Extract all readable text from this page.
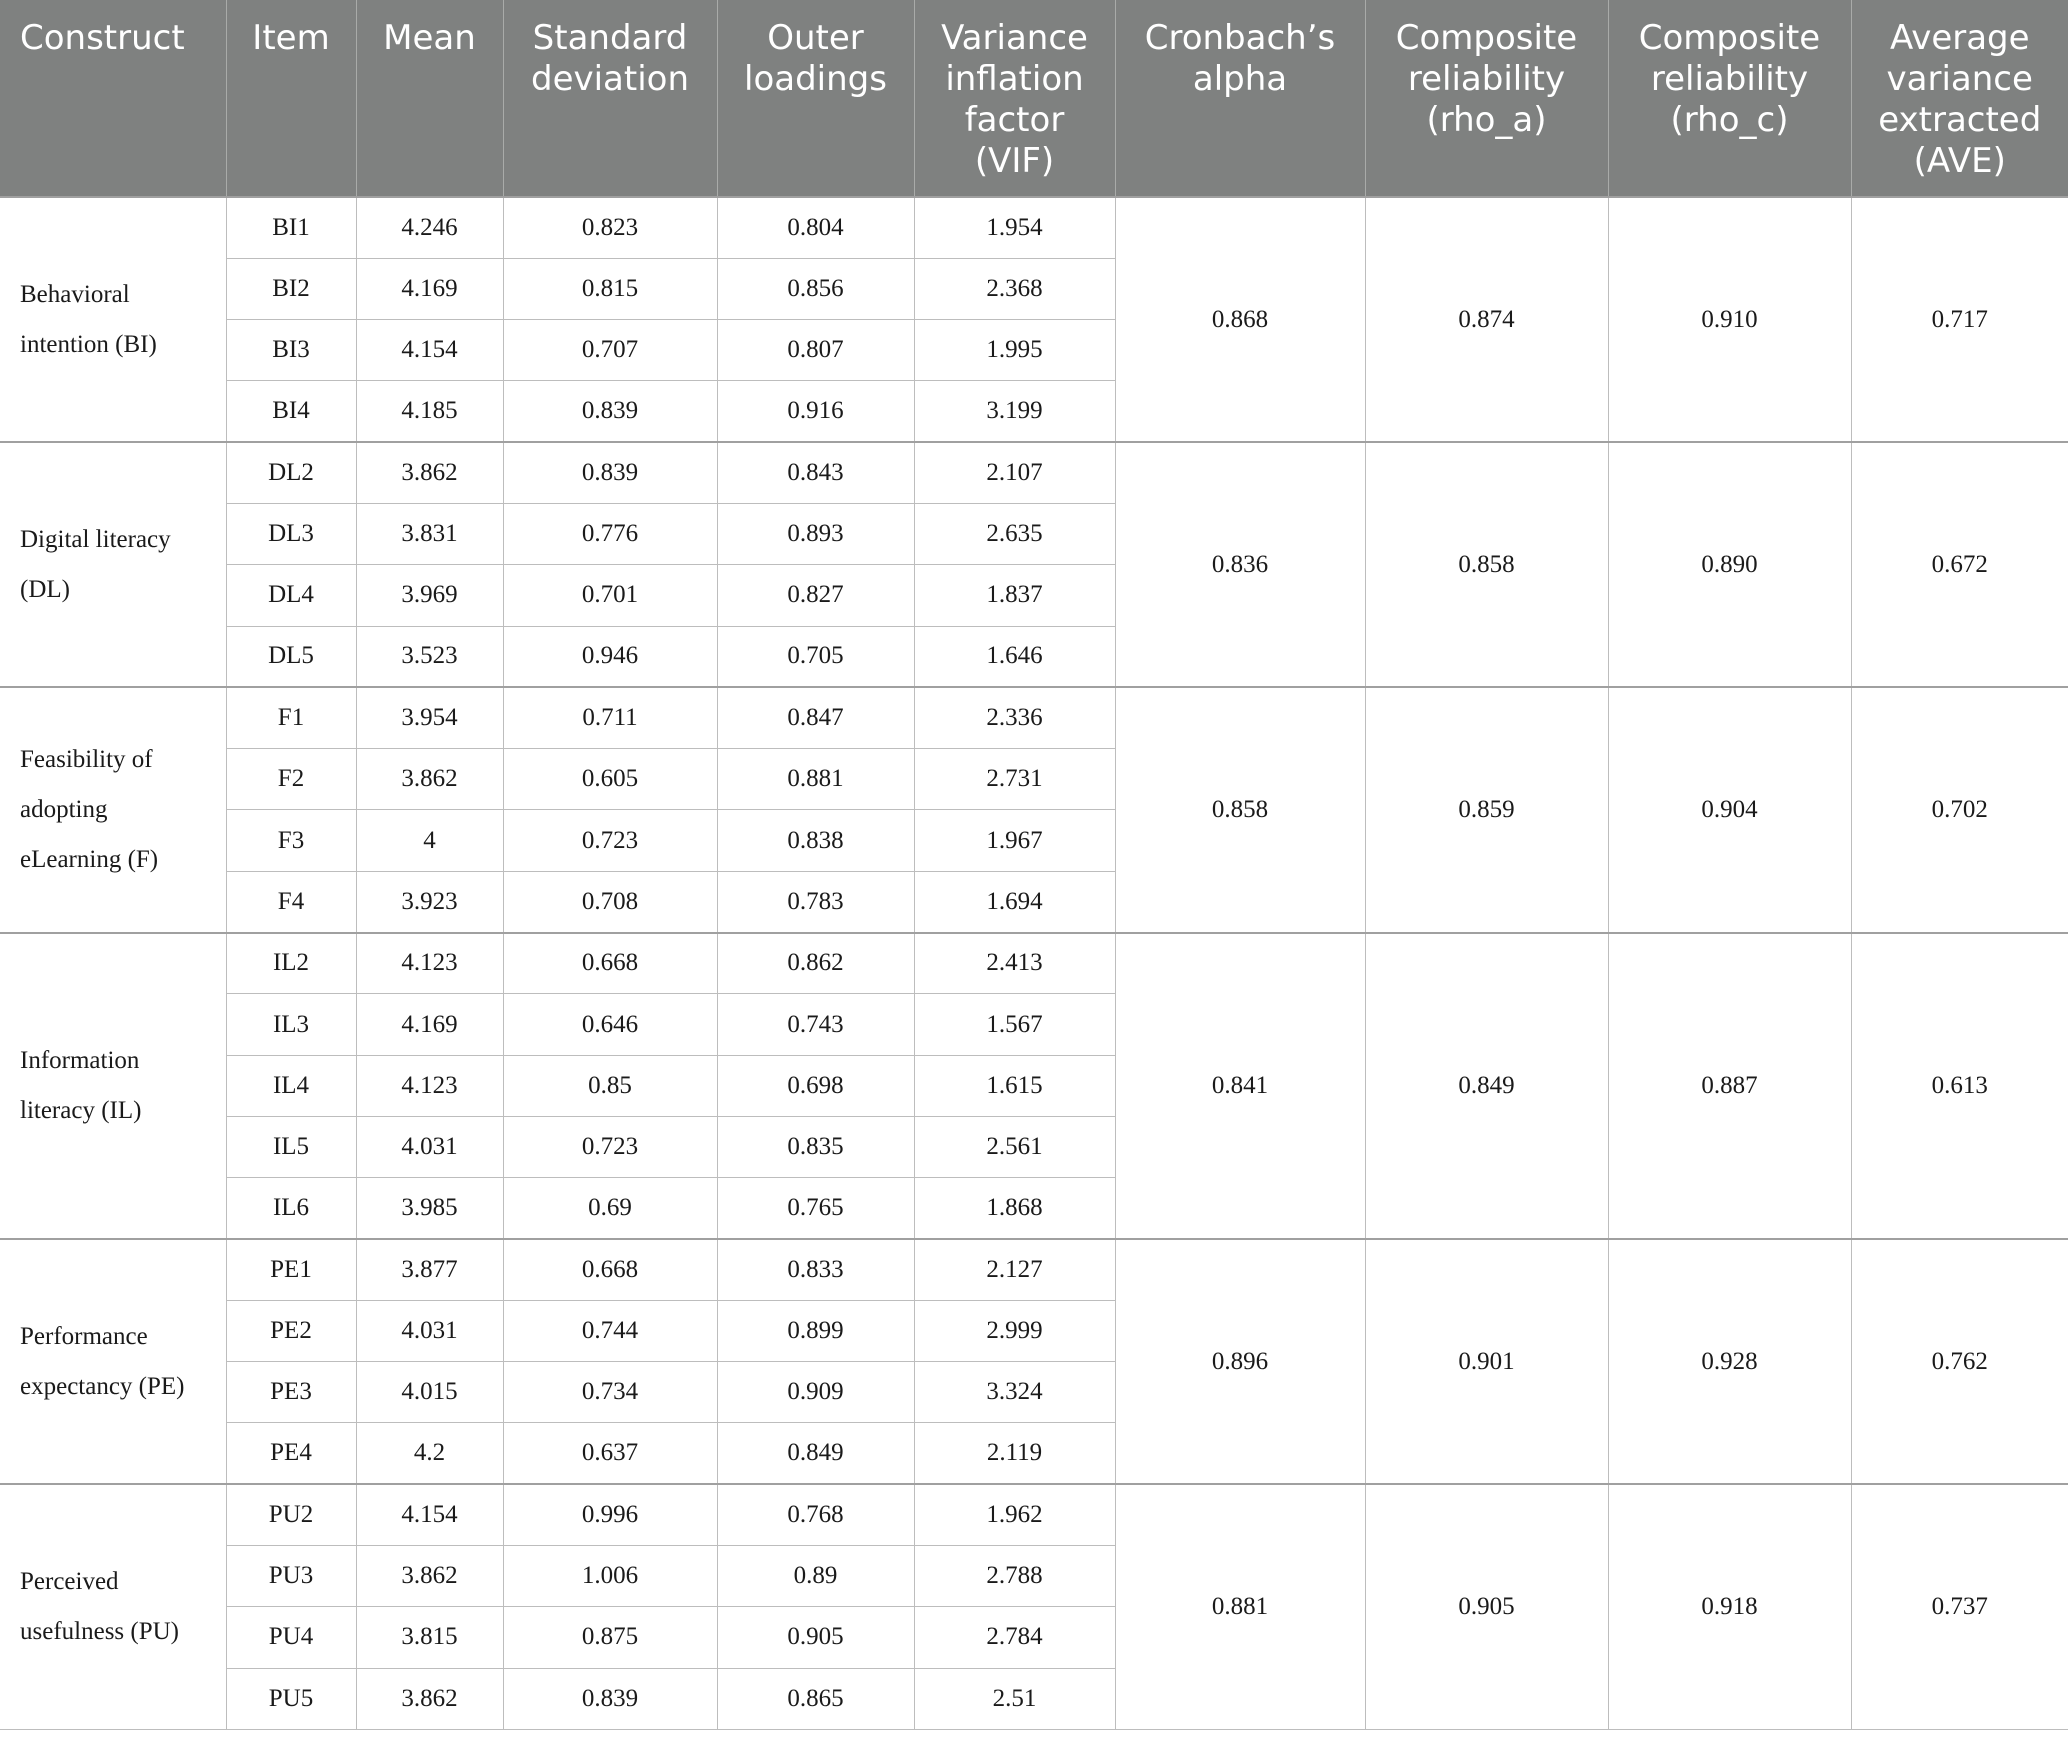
Construct	Item	Mean	Standard deviation	Outer loadings	Variance inflation factor (VIF)	Cronbach’s alpha	Composite reliability (rho_a)	Composite reliability (rho_c)	Average variance extracted (AVE)
Behavioral intention (BI)	BI1	4.246	0.823	0.804	1.954	0.868	0.874	0.910	0.717
	BI2	4.169	0.815	0.856	2.368				
	BI3	4.154	0.707	0.807	1.995				
	BI4	4.185	0.839	0.916	3.199				
Digital literacy (DL)	DL2	3.862	0.839	0.843	2.107	0.836	0.858	0.890	0.672
	DL3	3.831	0.776	0.893	2.635				
	DL4	3.969	0.701	0.827	1.837				
	DL5	3.523	0.946	0.705	1.646				
Feasibility of adopting eLearning (F)	F1	3.954	0.711	0.847	2.336	0.858	0.859	0.904	0.702
	F2	3.862	0.605	0.881	2.731				
	F3	4	0.723	0.838	1.967				
	F4	3.923	0.708	0.783	1.694				
Information literacy (IL)	IL2	4.123	0.668	0.862	2.413	0.841	0.849	0.887	0.613
	IL3	4.169	0.646	0.743	1.567				
	IL4	4.123	0.85	0.698	1.615				
	IL5	4.031	0.723	0.835	2.561				
	IL6	3.985	0.69	0.765	1.868				
Performance expectancy (PE)	PE1	3.877	0.668	0.833	2.127	0.896	0.901	0.928	0.762
	PE2	4.031	0.744	0.899	2.999				
	PE3	4.015	0.734	0.909	3.324				
	PE4	4.2	0.637	0.849	2.119				
Perceived usefulness (PU)	PU2	4.154	0.996	0.768	1.962	0.881	0.905	0.918	0.737
	PU3	3.862	1.006	0.89	2.788				
	PU4	3.815	0.875	0.905	2.784				
	PU5	3.862	0.839	0.865	2.51				
